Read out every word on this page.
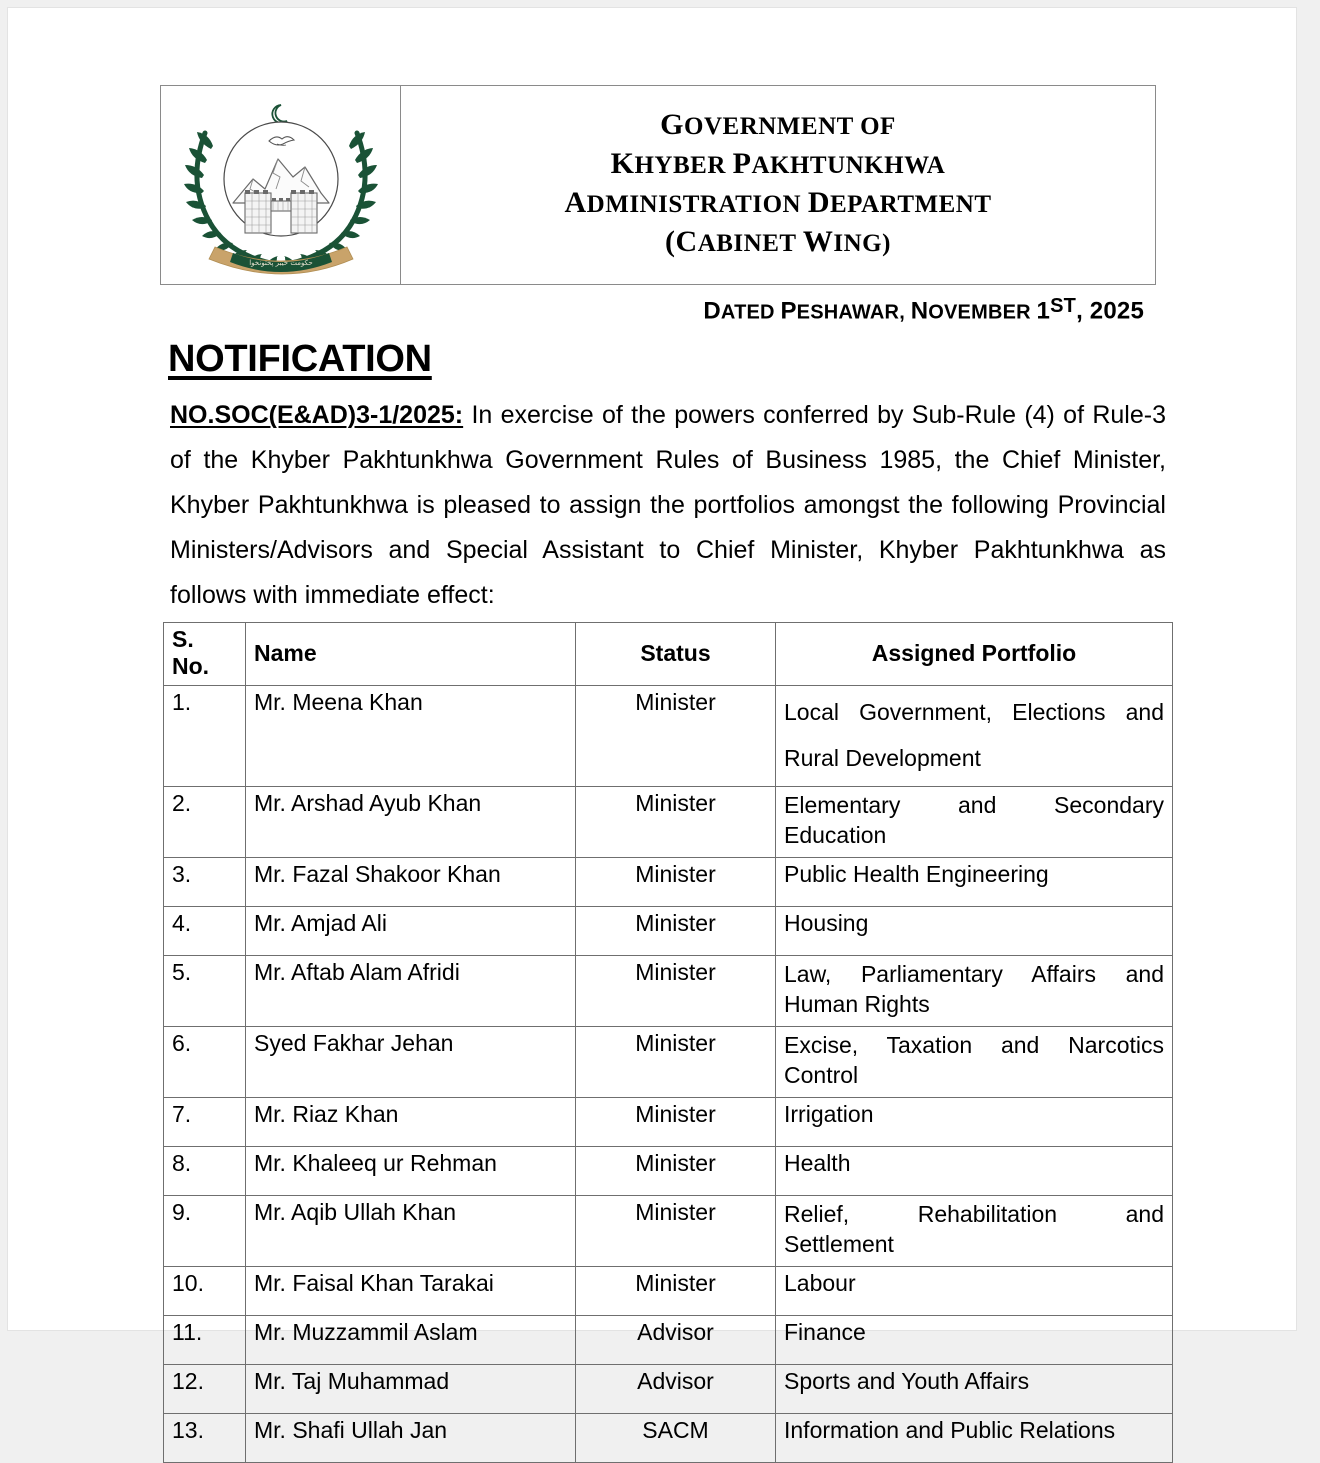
حکومت خیبر پختونخوا
GOVERNMENT OF
KHYBER PAKHTUNKHWA
ADMINISTRATION DEPARTMENT
(CABINET WING)
DATED PESHAWAR, NOVEMBER 1ST, 2025
NOTIFICATION
NO.SOC(E&AD)3-1/2025: In exercise of the powers conferred by Sub-Rule (4) of Rule-3 of the Khyber Pakhtunkhwa Government Rules of Business 1985, the Chief Minister, Khyber Pakhtunkhwa is pleased to assign the portfolios amongst the following Provincial Ministers/Advisors and Special Assistant to Chief Minister, Khyber Pakhtunkhwa as follows with immediate effect:
S. No.	Name	Status	Assigned Portfolio
1.	Mr. Meena Khan	Minister	Local Government, Elections and
Rural Development

2.	Mr. Arshad Ayub Khan	Minister	Elementary and Secondary
Education

3.	Mr. Fazal Shakoor Khan	Minister	Public Health Engineering
4.	Mr. Amjad Ali	Minister	Housing
5.	Mr. Aftab Alam Afridi	Minister	Law, Parliamentary Affairs and
Human Rights

6.	Syed Fakhar Jehan	Minister	Excise, Taxation and Narcotics
Control

7.	Mr. Riaz Khan	Minister	Irrigation
8.	Mr. Khaleeq ur Rehman	Minister	Health
9.	Mr. Aqib Ullah Khan	Minister	Relief, Rehabilitation and
Settlement

10.	Mr. Faisal Khan Tarakai	Minister	Labour
11.	Mr. Muzzammil Aslam	Advisor	Finance
12.	Mr. Taj Muhammad	Advisor	Sports and Youth Affairs
13.	Mr. Shafi Ullah Jan	SACM	Information and Public Relations
